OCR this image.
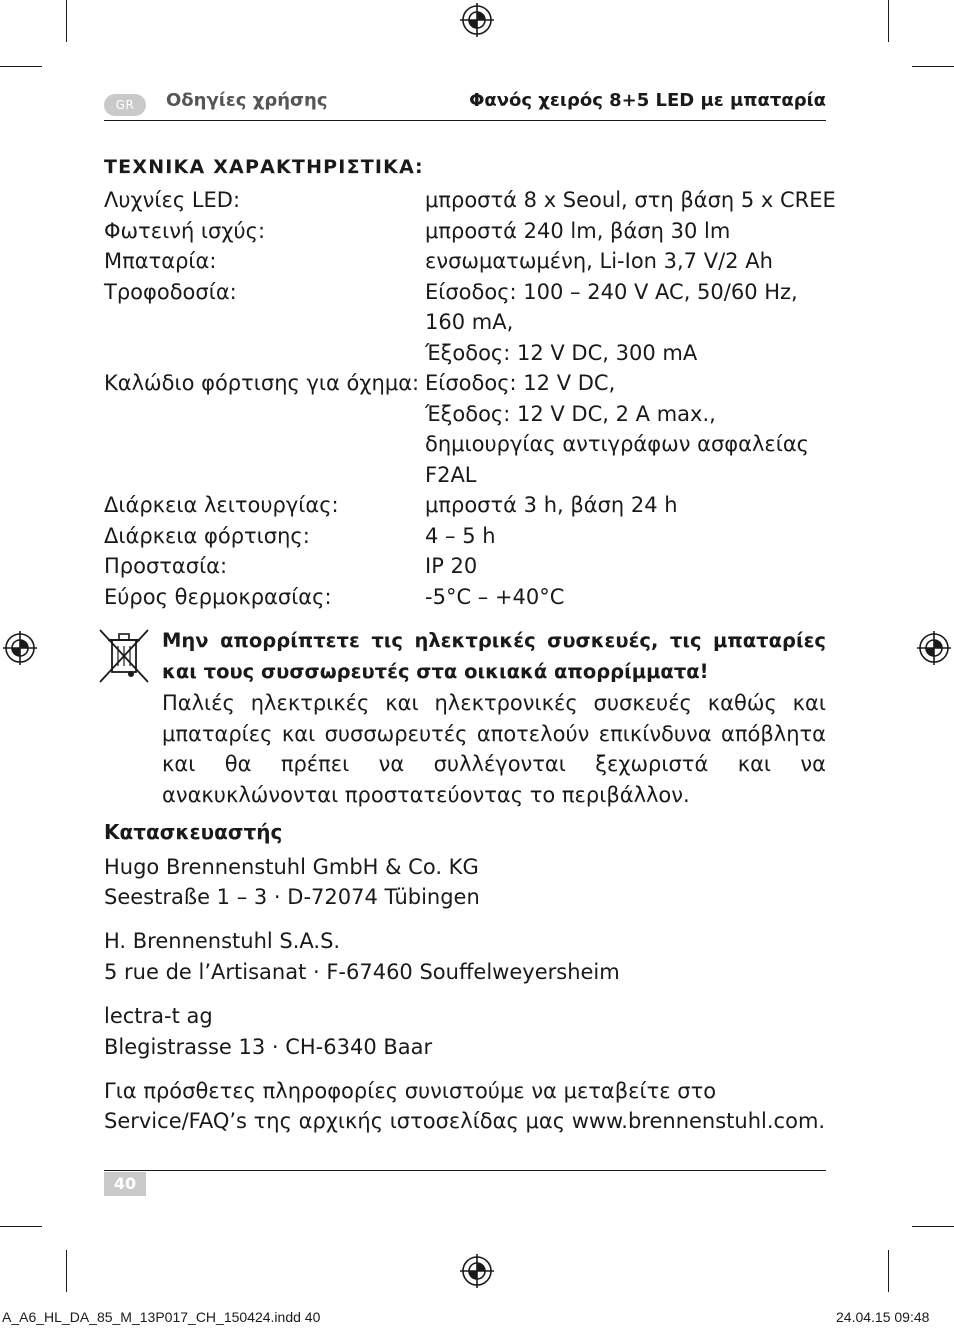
GR	Οδηγίες χρήσης	Φανός χειρός 8+5 LED με μπαταρία
ΤΕΧΝΙΚΑ ΧΑΡΑΚΤΗΡΙΣΤΙΚΑ:
Λυχνίες LED:	μπροστά 8 x Seoul, στη βάση 5 x CREE
Φωτεινή ισχύς:	μπροστά 240 lm, βάση 30 lm
Μπαταρία:	ενσωματωμένη, Li-Ion 3,7 V/2 Ah
Τροφοδοσία:	Είσοδος: 100 – 240 V AC, 50/60 Hz,
160 mA,
Έξοδος: 12 V DC, 300 mA
Καλώδιο φόρτισης για όχημα: Είσοδος: 12 V DC,
Έξοδος: 12 V DC, 2 A max.,
δημιουργίας αντιγράφων ασφαλείας
F2AL
Διάρκεια λειτουργίας:	μπροστά 3 h, βάση 24 h
Διάρκεια φόρτισης:	4 – 5 h
Προστασία:	IP 20
Εύρος θερμοκρασίας:	-5°C – +40°C
Μην απορρίπτετε τις ηλεκτρικές συσκευές, τις μπαταρίες και τους συσσωρευτές στα οικιακά απορρίμματα!
Παλιές ηλεκτρικές και ηλεκτρονικές συσκευές καθώς και μπαταρίες και συσσωρευτές αποτελούν επικίνδυνα απόβλητα και θα πρέπει να συλλέγονται ξεχωριστά και να ανακυκλώνονται προστατεύοντας το περιβάλλον.
Κατασκευαστής
Hugo Brennenstuhl GmbH & Co. KG
Seestraße 1 – 3 · D-72074 Tübingen
H. Brennenstuhl S.A.S.
5 rue de l’Artisanat · F-67460 Souffelweyersheim
lectra-t ag
Blegistrasse 13 · CH-6340 Baar
Για πρόσθετες πληροφορίες συνιστούμε να μεταβείτε στο
Service/FAQ’s της αρχικής ιστοσελίδας μας www.brennenstuhl.com.
40
A_A6_HL_DA_85_M_13P017_CH_150424.indd 40	24.04.15 09:48
